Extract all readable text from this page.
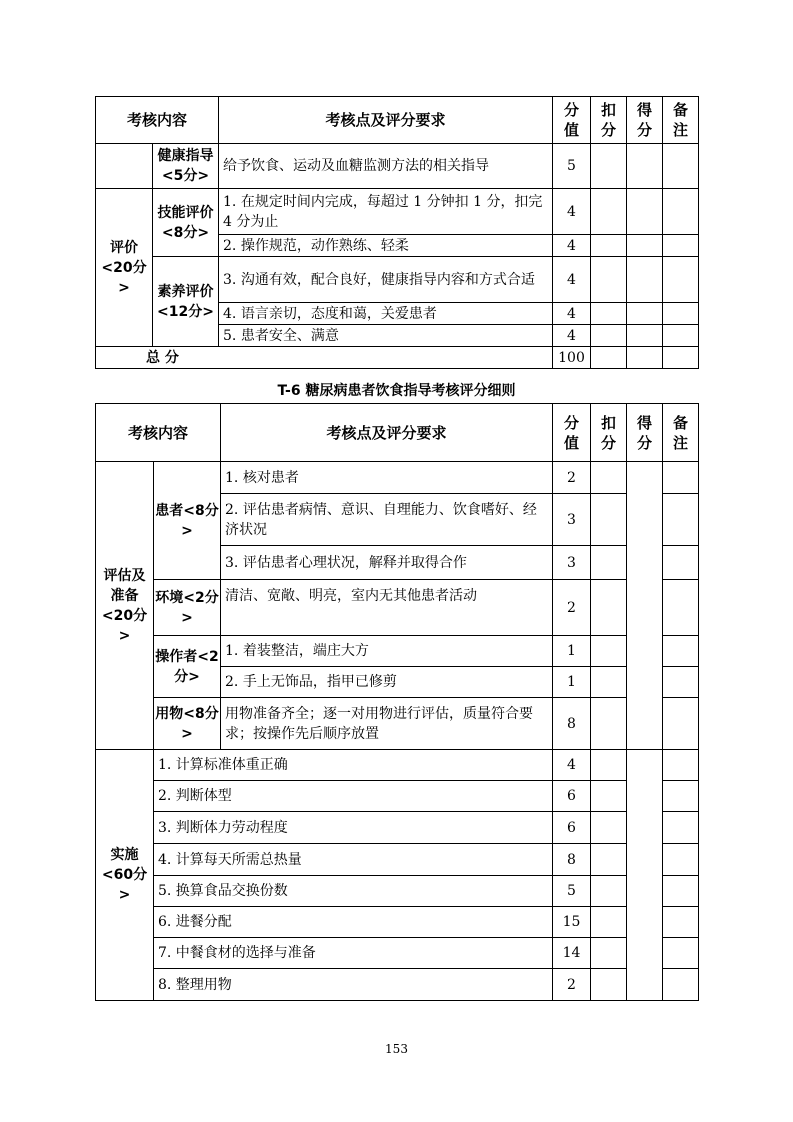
考核内容		考核点及评分要求	分值	扣分	得分	备注
	健康指导<5分>	给予饮食、运动及血糖监测方法的相关指导	5			
评价<20分>	技能评价<8分>	1. 在规定时间内完成，每超过 1 分钟扣 1 分，扣完 4 分为止	4			
		2. 操作规范，动作熟练、轻柔	4			
	素养评价<12分>	3. 沟通有效，配合良好，健康指导内容和方式合适	4			
		4. 语言亲切，态度和蔼，关爱患者	4			
		5. 患者安全、满意	4			
总 分			100			
T-6 糖尿病患者饮食指导考核评分细则
考核内容		考核点及评分要求	分值	扣分	得分	备注
评估及准备<20分>	患者<8分>	1. 核对患者	2			
		2. 评估患者病情、意识、自理能力、饮食嗜好、经济状况	3			
		3. 评估患者心理状况，解释并取得合作	3			
	环境<2分>	清洁、宽敞、明亮，室内无其他患者活动	2			
	操作者<2分>	1. 着装整洁，端庄大方	1			
		2. 手上无饰品，指甲已修剪	1			
	用物<8分>	用物准备齐全；逐一对用物进行评估，质量符合要求；按操作先后顺序放置	8			
实施<60分>	1. 计算标准体重正确		4			
	2. 判断体型		6			
	3. 判断体力劳动程度		6			
	4. 计算每天所需总热量		8			
	5. 换算食品交换份数		5			
	6. 进餐分配		15			
	7. 中餐食材的选择与准备		14			
	8. 整理用物		2			
153
